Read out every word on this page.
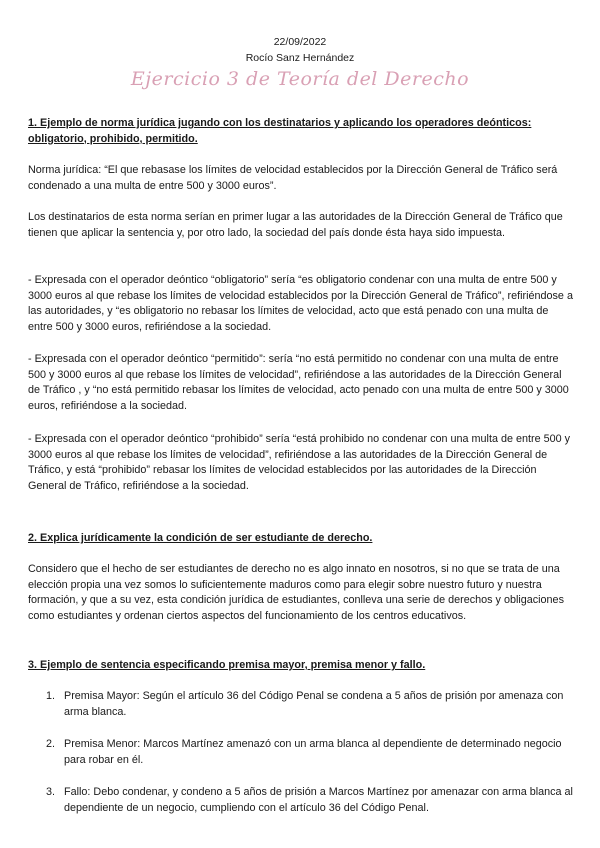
22/09/2022
Rocío Sanz Hernández
Ejercicio 3 de Teoría del Derecho

1. Ejemplo de norma jurídica jugando con los destinatarios y aplicando los operadores deónticos: obligatorio, prohibido, permitido.

Norma jurídica: “El que rebasase los límites de velocidad establecidos por la Dirección General de Tráfico será condenado a una multa de entre 500 y 3000 euros”.

Los destinatarios de esta norma serían en primer lugar a las autoridades de la Dirección General de Tráfico que tienen que aplicar la sentencia y, por otro lado, la sociedad del país donde ésta haya sido impuesta.

- Expresada con el operador deóntico “obligatorio” sería “es obligatorio condenar con una multa de entre 500 y 3000 euros al que rebase los límites de velocidad establecidos por la Dirección General de Tráfico”, refiriéndose a las autoridades, y “es obligatorio no rebasar los límites de velocidad, acto que está penado con una multa de entre 500 y 3000 euros, refiriéndose a la sociedad.

- Expresada con el operador deóntico “permitido”: sería “no está permitido no condenar con una multa de entre 500 y 3000 euros al que rebase los límites de velocidad”, refiriéndose a las autoridades de la Dirección General de Tráfico , y “no está permitido rebasar los límites de velocidad, acto penado con una multa de entre 500 y 3000 euros, refiriéndose a la sociedad.

- Expresada con el operador deóntico “prohibido” sería “está prohibido no condenar con una multa de entre 500 y 3000 euros al que rebase los límites de velocidad”, refiriéndose a las autoridades de la Dirección General de Tráfico, y está “prohibido” rebasar los límites de velocidad establecidos por las autoridades de la Dirección General de Tráfico, refiriéndose a la sociedad.

2. Explica jurídicamente la condición de ser estudiante de derecho.

Considero que el hecho de ser estudiantes de derecho no es algo innato en nosotros, si no que se trata de una elección propia una vez somos lo suficientemente maduros como para elegir sobre nuestro futuro y nuestra formación, y que a su vez, esta condición jurídica de estudiantes, conlleva una serie de derechos y obligaciones como estudiantes y ordenan ciertos aspectos del funcionamiento de los centros educativos.

3. Ejemplo de sentencia especificando premisa mayor, premisa menor y fallo.

1. Premisa Mayor: Según el artículo 36 del Código Penal se condena a 5 años de prisión por amenaza con arma blanca.

2. Premisa Menor: Marcos Martínez amenazó con un arma blanca al dependiente de determinado negocio para robar en él.

3. Fallo: Debo condenar, y condeno a 5 años de prisión a Marcos Martínez por amenazar con arma blanca al dependiente de un negocio, cumpliendo con el artículo 36 del Código Penal.
